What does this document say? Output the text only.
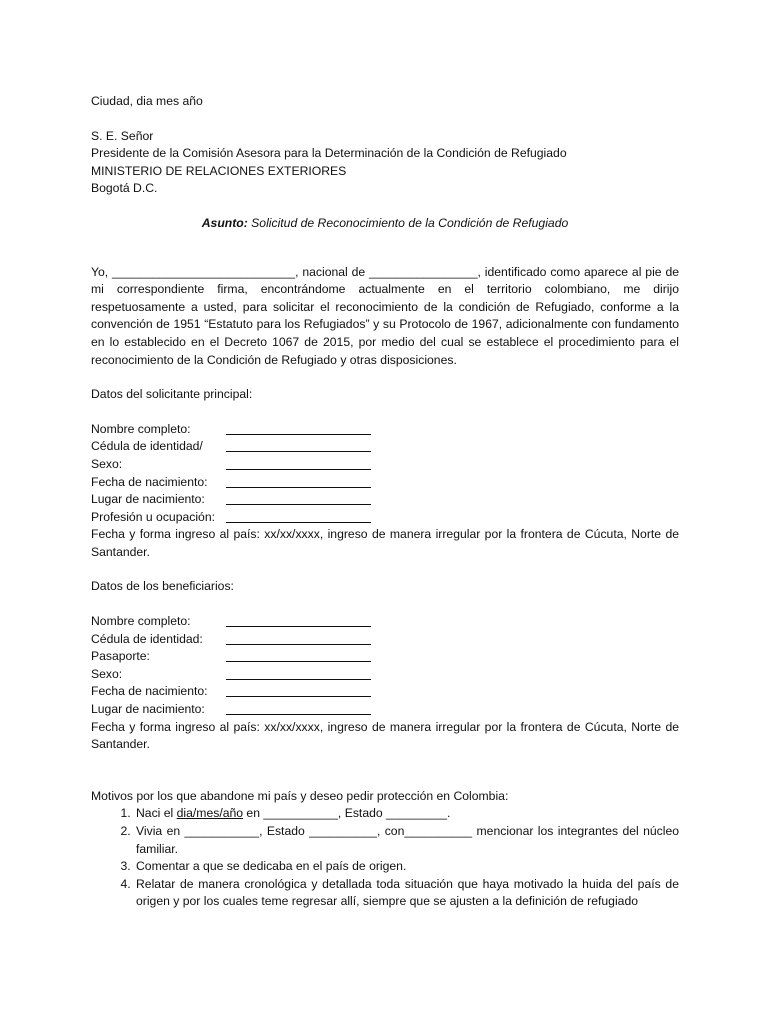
Ciudad, dia mes año

S. E. Señor
Presidente de la Comisión Asesora para la Determinación de la Condición de Refugiado
MINISTERIO DE RELACIONES EXTERIORES
Bogotá D.C.

Asunto: Solicitud de Reconocimiento de la Condición de Refugiado

Yo, ___________________________, nacional de ________________, identificado como aparece al pie de mi correspondiente firma, encontrándome actualmente en el territorio colombiano, me dirijo respetuosamente a usted, para solicitar el reconocimiento de la condición de Refugiado, conforme a la convención de 1951 “Estatuto para los Refugiados” y su Protocolo de 1967, adicionalmente con fundamento en lo establecido en el Decreto 1067 de 2015, por medio del cual se establece el procedimiento para el reconocimiento de la Condición de Refugiado y otras disposiciones.

Datos del solicitante principal:

Nombre completo:
Cédula de identidad/
Sexo:
Fecha de nacimiento:
Lugar de nacimiento:
Profesión u ocupación:

Fecha y forma ingreso al país: xx/xx/xxxx, ingreso de manera irregular por la frontera de Cúcuta, Norte de Santander.

Datos de los beneficiarios:

Nombre completo:
Cédula de identidad:
Pasaporte:
Sexo:
Fecha de nacimiento:
Lugar de nacimiento:

Fecha y forma ingreso al país: xx/xx/xxxx, ingreso de manera irregular por la frontera de Cúcuta, Norte de Santander.

Motivos por los que abandone mi país y deseo pedir protección en Colombia:

1. Naci el dia/mes/año en ___________, Estado _________.
2. Vivia en ___________, Estado __________, con__________ mencionar los integrantes del núcleo familiar.
3. Comentar a que se dedicaba en el país de origen.
4. Relatar de manera cronológica y detallada toda situación que haya motivado la huida del país de origen y por los cuales teme regresar allí, siempre que se ajusten a la definición de refugiado
